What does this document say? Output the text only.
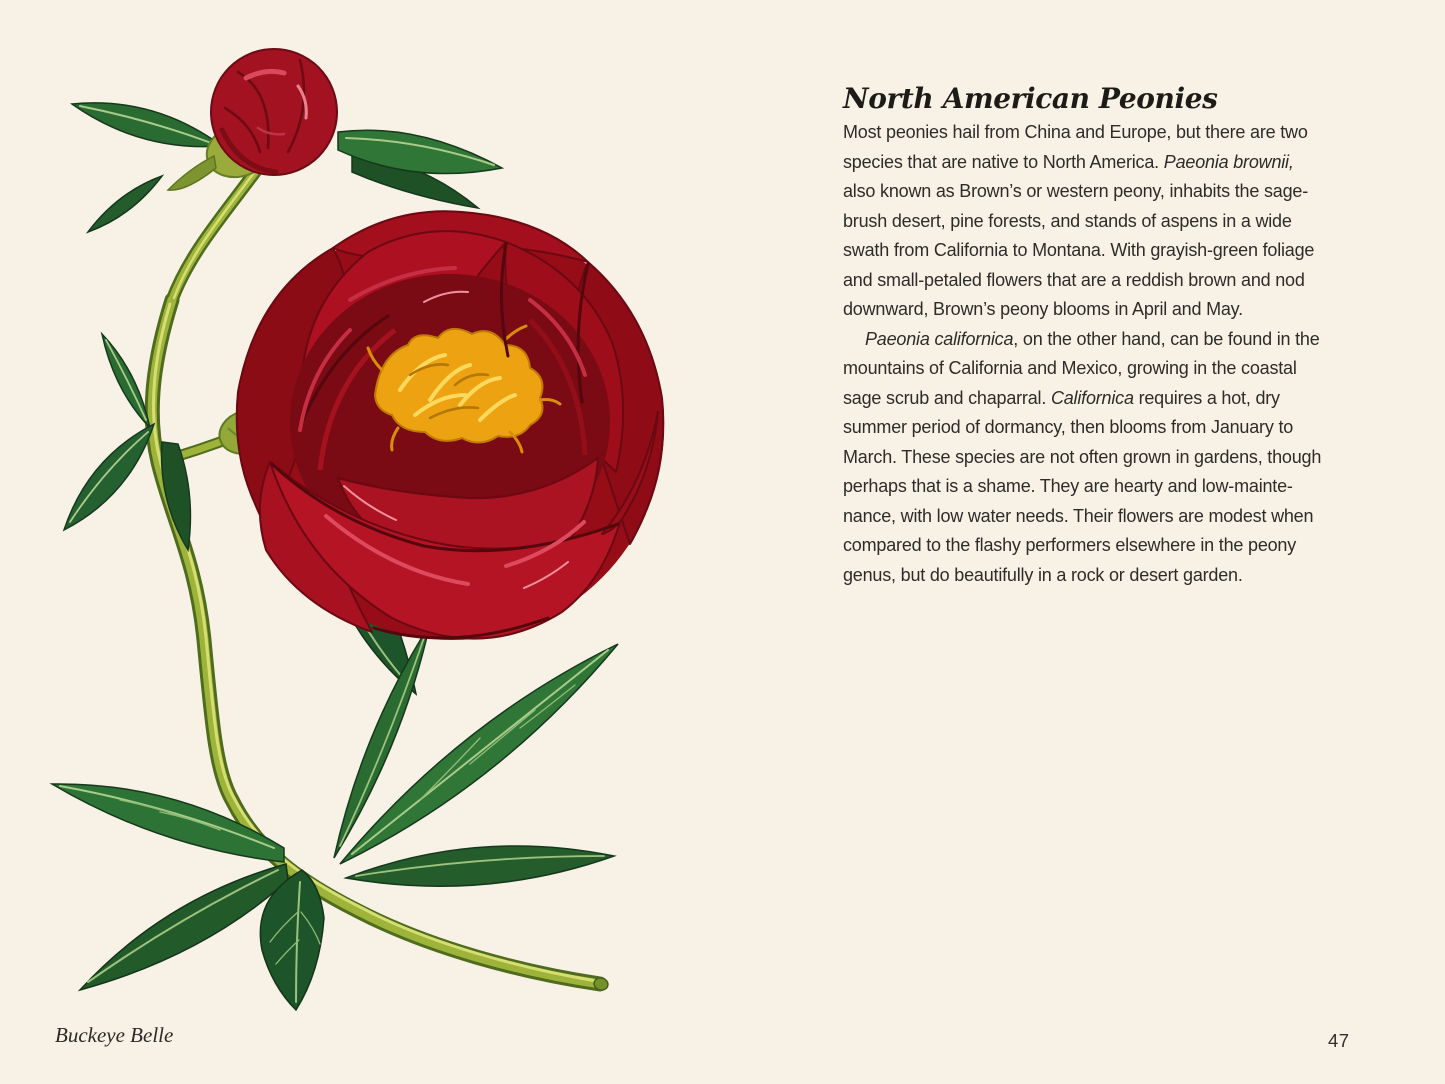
Buckeye Belle
North American Peonies

Most peonies hail from China and Europe, but there are two
species that are native to North America. Paeonia brownii,
also known as Brown’s or western peony, inhabits the sage-
brush desert, pine forests, and stands of aspens in a wide
swath from California to Montana. With grayish-green foliage
and small-petaled flowers that are a reddish brown and nod
downward, Brown’s peony blooms in April and May.

Paeonia californica, on the other hand, can be found in the
mountains of California and Mexico, growing in the coastal
sage scrub and chaparral. Californica requires a hot, dry
summer period of dormancy, then blooms from January to
March. These species are not often grown in gardens, though
perhaps that is a shame. They are hearty and low-mainte-
nance, with low water needs. Their flowers are modest when
compared to the flashy performers elsewhere in the peony
genus, but do beautifully in a rock or desert garden.

47
